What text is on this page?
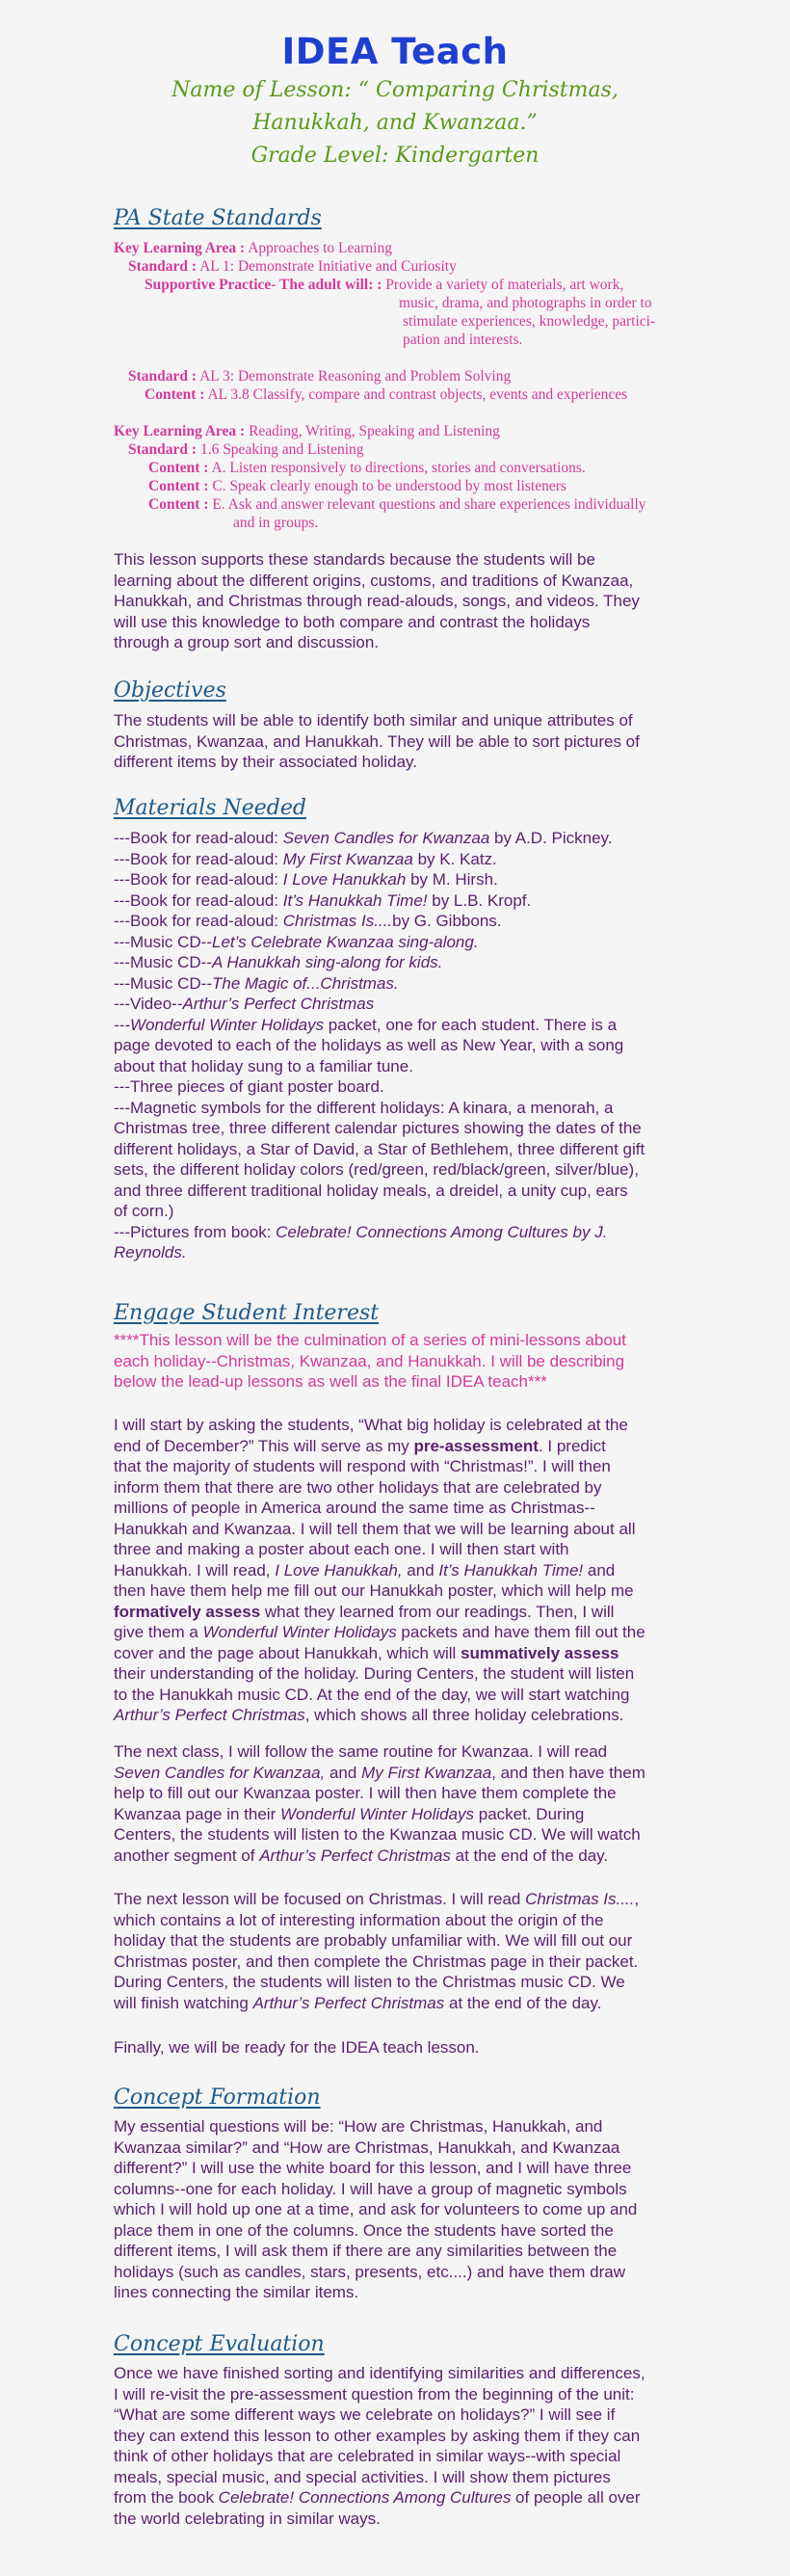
IDEA Teach
Name of Lesson: “ Comparing Christmas,
Hanukkah, and Kwanzaa.”
Grade Level: Kindergarten
PA State Standards
Key Learning Area : Approaches to Learning
Standard : AL 1: Demonstrate Initiative and Curiosity
Supportive Practice- The adult will: : Provide a variety of materials, art work,
music, drama, and photographs in order to
stimulate experiences, knowledge, partici-
pation and interests.
Standard : AL 3: Demonstrate Reasoning and Problem Solving
Content : AL 3.8 Classify, compare and contrast objects, events and experiences
Key Learning Area : Reading, Writing, Speaking and Listening
Standard : 1.6 Speaking and Listening
Content : A. Listen responsively to directions, stories and conversations.
Content : C. Speak clearly enough to be understood by most listeners
Content : E. Ask and answer relevant questions and share experiences individually
and in groups.
This lesson supports these standards because the students will be
learning about the different origins, customs, and traditions of Kwanzaa,
Hanukkah, and Christmas through read-alouds, songs, and videos. They
will use this knowledge to both compare and contrast the holidays
through a group sort and discussion.
Objectives
The students will be able to identify both similar and unique attributes of
Christmas, Kwanzaa, and Hanukkah. They will be able to sort pictures of
different items by their associated holiday.
Materials Needed
---Book for read-aloud: Seven Candles for Kwanzaa by A.D. Pickney.
---Book for read-aloud: My First Kwanzaa by K. Katz.
---Book for read-aloud: I Love Hanukkah by M. Hirsh.
---Book for read-aloud: It’s Hanukkah Time! by L.B. Kropf.
---Book for read-aloud: Christmas Is....by G. Gibbons.
---Music CD--Let’s Celebrate Kwanzaa sing-along.
---Music CD--A Hanukkah sing-along for kids.
---Music CD--The Magic of...Christmas.
---Video--Arthur’s Perfect Christmas
---Wonderful Winter Holidays packet, one for each student. There is a
page devoted to each of the holidays as well as New Year, with a song
about that holiday sung to a familiar tune.
---Three pieces of giant poster board.
---Magnetic symbols for the different holidays: A kinara, a menorah, a
Christmas tree, three different calendar pictures showing the dates of the
different holidays, a Star of David, a Star of Bethlehem, three different gift
sets, the different holiday colors (red/green, red/black/green, silver/blue),
and three different traditional holiday meals, a dreidel, a unity cup, ears
of corn.)
---Pictures from book: Celebrate! Connections Among Cultures by J.
Reynolds.
Engage Student Interest
****This lesson will be the culmination of a series of mini-lessons about
each holiday--Christmas, Kwanzaa, and Hanukkah. I will be describing
below the lead-up lessons as well as the final IDEA teach***
I will start by asking the students, “What big holiday is celebrated at the
end of December?” This will serve as my pre-assessment. I predict
that the majority of students will respond with “Christmas!”. I will then
inform them that there are two other holidays that are celebrated by
millions of people in America around the same time as Christmas--
Hanukkah and Kwanzaa. I will tell them that we will be learning about all
three and making a poster about each one. I will then start with
Hanukkah. I will read, I Love Hanukkah, and It’s Hanukkah Time! and
then have them help me fill out our Hanukkah poster, which will help me
formatively assess what they learned from our readings. Then, I will
give them a Wonderful Winter Holidays packets and have them fill out the
cover and the page about Hanukkah, which will summatively assess
their understanding of the holiday. During Centers, the student will listen
to the Hanukkah music CD. At the end of the day, we will start watching
Arthur’s Perfect Christmas, which shows all three holiday celebrations.
The next class, I will follow the same routine for Kwanzaa. I will read
Seven Candles for Kwanzaa, and My First Kwanzaa, and then have them
help to fill out our Kwanzaa poster. I will then have them complete the
Kwanzaa page in their Wonderful Winter Holidays packet. During
Centers, the students will listen to the Kwanzaa music CD. We will watch
another segment of Arthur’s Perfect Christmas at the end of the day.
The next lesson will be focused on Christmas. I will read Christmas Is....,
which contains a lot of interesting information about the origin of the
holiday that the students are probably unfamiliar with. We will fill out our
Christmas poster, and then complete the Christmas page in their packet.
During Centers, the students will listen to the Christmas music CD. We
will finish watching Arthur’s Perfect Christmas at the end of the day.
Finally, we will be ready for the IDEA teach lesson.
Concept Formation
My essential questions will be: “How are Christmas, Hanukkah, and
Kwanzaa similar?” and “How are Christmas, Hanukkah, and Kwanzaa
different?” I will use the white board for this lesson, and I will have three
columns--one for each holiday. I will have a group of magnetic symbols
which I will hold up one at a time, and ask for volunteers to come up and
place them in one of the columns. Once the students have sorted the
different items, I will ask them if there are any similarities between the
holidays (such as candles, stars, presents, etc....) and have them draw
lines connecting the similar items.
Concept Evaluation
Once we have finished sorting and identifying similarities and differences,
I will re-visit the pre-assessment question from the beginning of the unit:
“What are some different ways we celebrate on holidays?” I will see if
they can extend this lesson to other examples by asking them if they can
think of other holidays that are celebrated in similar ways--with special
meals, special music, and special activities. I will show them pictures
from the book Celebrate! Connections Among Cultures of people all over
the world celebrating in similar ways.
